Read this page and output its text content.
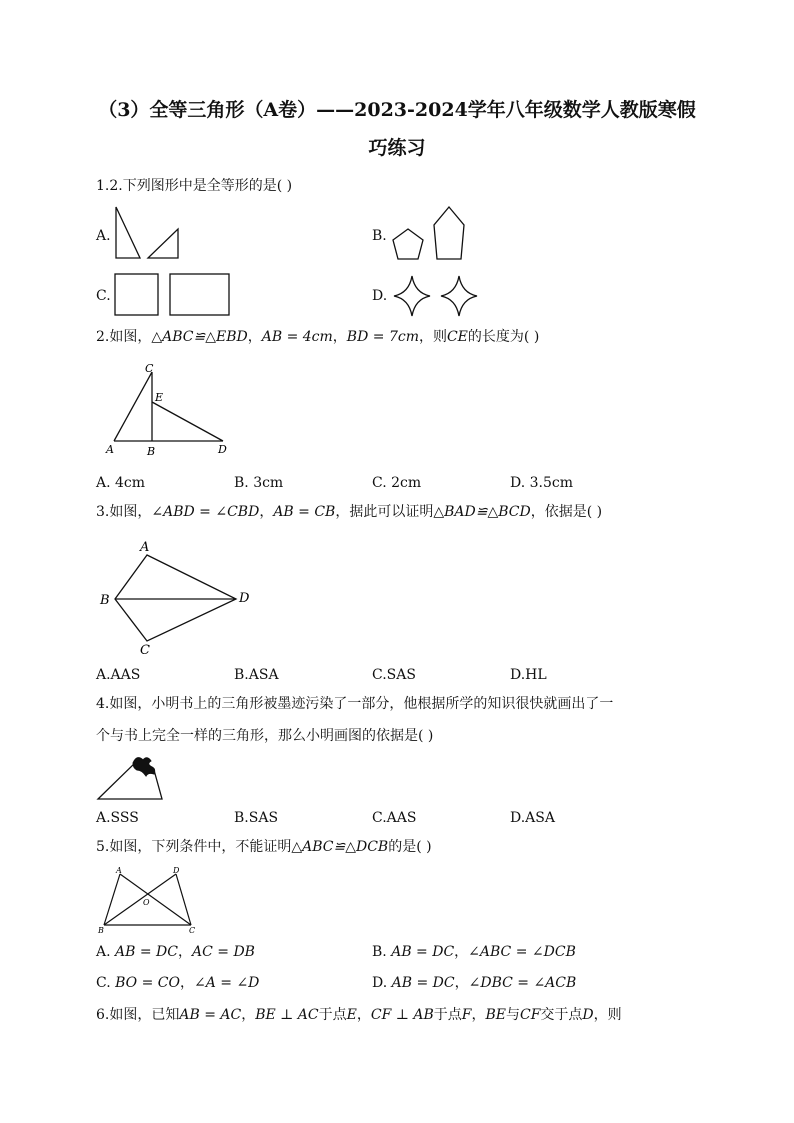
（3）全等三角形（A卷）——2023-2024学年八年级数学人教版寒假
巧练习
1.2.下列图形中是全等形的是( )
A.	B.
C.	D.
2.如图，△ABC≌△EBD，AB = 4cm，BD = 7cm，则CE的长度为( )
C
E
A	B	D
A. 4cm	B. 3cm	C. 2cm	D. 3.5cm
3.如图，∠ABD = ∠CBD，AB = CB，据此可以证明△BAD≌△BCD，依据是( )
A
B
C
D
A.AAS	B.ASA	C.SAS	D.HL
4.如图，小明书上的三角形被墨迹污染了一部分，他根据所学的知识很快就画出了一
个与书上完全一样的三角形，那么小明画图的依据是( )
A.SSS	B.SAS	C.AAS	D.ASA
5.如图，下列条件中，不能证明△ABC≌△DCB的是( )
A	D
O
B	C
A. AB = DC，AC = DB	B. AB = DC，∠ABC = ∠DCB
C. BO = CO，∠A = ∠D	D. AB = DC，∠DBC = ∠ACB
6.如图，已知AB = AC，BE ⊥ AC于点E，CF ⊥ AB于点F，BE与CF交于点D，则
